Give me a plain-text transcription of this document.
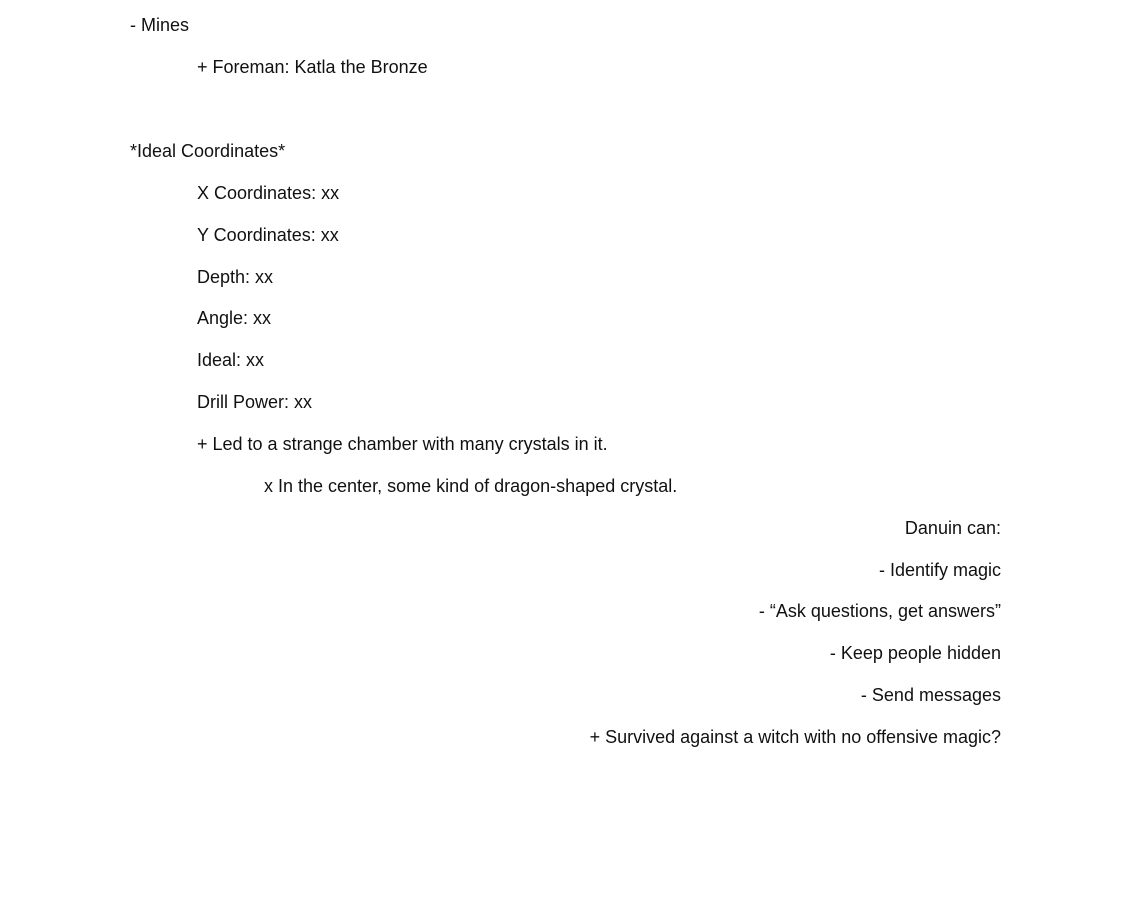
- Mines
+ Foreman: Katla the Bronze
*Ideal Coordinates*
X Coordinates: xx
Y Coordinates: xx
Depth: xx
Angle: xx
Ideal: xx
Drill Power: xx
+ Led to a strange chamber with many crystals in it.
x In the center, some kind of dragon-shaped crystal.
Danuin can:
- Identify magic
- “Ask questions, get answers”
- Keep people hidden
- Send messages
+ Survived against a witch with no offensive magic?
